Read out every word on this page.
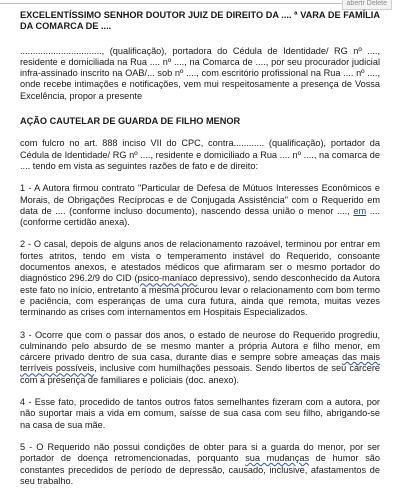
abertr Delete

EXCELENTÍSSIMO SENHOR DOUTOR JUIZ DE DIREITO DA .... ª VARA DE FAMÍLIA DA COMARCA DE ....

................................, (qualificação), portadora do Cédula de Identidade/ RG nº ...., residente e domiciliada na Rua .... nº ...., na Comarca de ...., por seu procurador judicial infra-assinado inscrito na OAB/... sob nº ...., com escritório profissional na Rua .... nº ...., onde recebe intimações e notificações, vem mui respeitosamente a presença de Vossa Excelência, propor a presente

AÇÃO CAUTELAR DE GUARDA DE FILHO MENOR

com fulcro no art. 888 inciso VII do CPC, contra............ (qualificação), portador da Cédula de Identidade/ RG nº ...., residente e domiciliado a Rua .... nº ...., na comarca de .... tendo em vista as seguintes razões de fato e de direito:

1 - A Autora firmou contrato "Particular de Defesa de Mútuos Interesses Econômicos e Morais, de Obrigações Recíprocas e de Conjugada Assistência" com o Requerido em data de .... (conforme incluso documento), nascendo dessa união o menor ...., em .... (conforme certidão anexa).

2 - O casal, depois de alguns anos de relacionamento razoável, terminou por entrar em fortes atritos, tendo em vista o temperamento instável do Requerido, consoante documentos anexos, e atestados médicos que afirmaram ser o mesmo portador do diagnóstico 296.2/9 do CID (psico-maníaco depressivo), sendo desconhecido da Autora este fato no início, entretanto a mesma procurou levar o relacionamento com bom termo e paciência, com esperanças de uma cura futura, ainda que remota, muitas vezes terminando as crises com internamentos em Hospitais Especializados.

3 - Ocorre que com o passar dos anos, o estado de neurose do Requerido progrediu, culminando pelo absurdo de se mesmo manter a própria Autora e filho menor, em cárcere privado dentro de sua casa, durante dias e sempre sobre ameaças das mais terríveis possíveis, inclusive com humilhações pessoais. Sendo libertos de seu cárcere com a presença de familiares e policiais (doc. anexo).

4 - Esse fato, procedido de tantos outros fatos semelhantes fizeram com a autora, por não suportar mais a vida em comum, saísse de sua casa com seu filho, abrigando-se na casa de sua mãe.

5 - O Requerido não possui condições de obter para si a guarda do menor, por ser portador de doença retromencionadas, porquanto sua mudanças de humor são constantes precedidos de período de depressão, causado, inclusive, afastamentos de seu trabalho.
